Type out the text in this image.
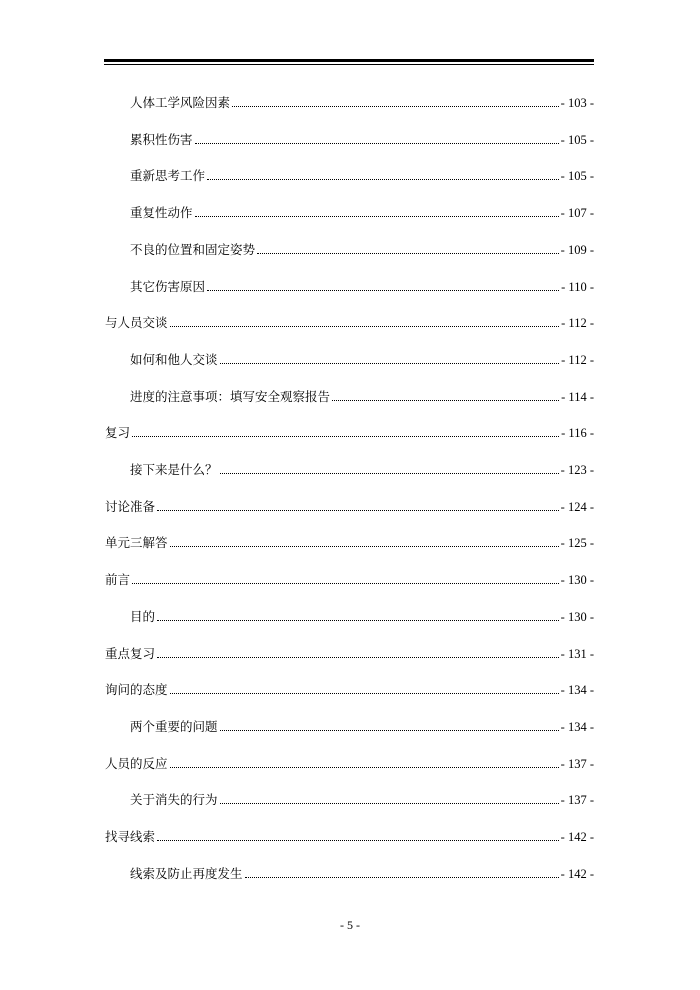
人体工学风险因素	- 103 -
累积性伤害	- 105 -
重新思考工作	- 105 -
重复性动作	- 107 -
不良的位置和固定姿势	- 109 -
其它伤害原因	- 110 -
与人员交谈	- 112 -
如何和他人交谈	- 112 -
进度的注意事项：填写安全观察报告	- 114 -
复习	- 116 -
接下来是什么？	- 123 -
讨论准备	- 124 -
单元三解答	- 125 -
前言	- 130 -
目的	- 130 -
重点复习	- 131 -
询问的态度	- 134 -
两个重要的问题	- 134 -
人员的反应	- 137 -
关于消失的行为	- 137 -
找寻线索	- 142 -
线索及防止再度发生	- 142 -
- 5 -
